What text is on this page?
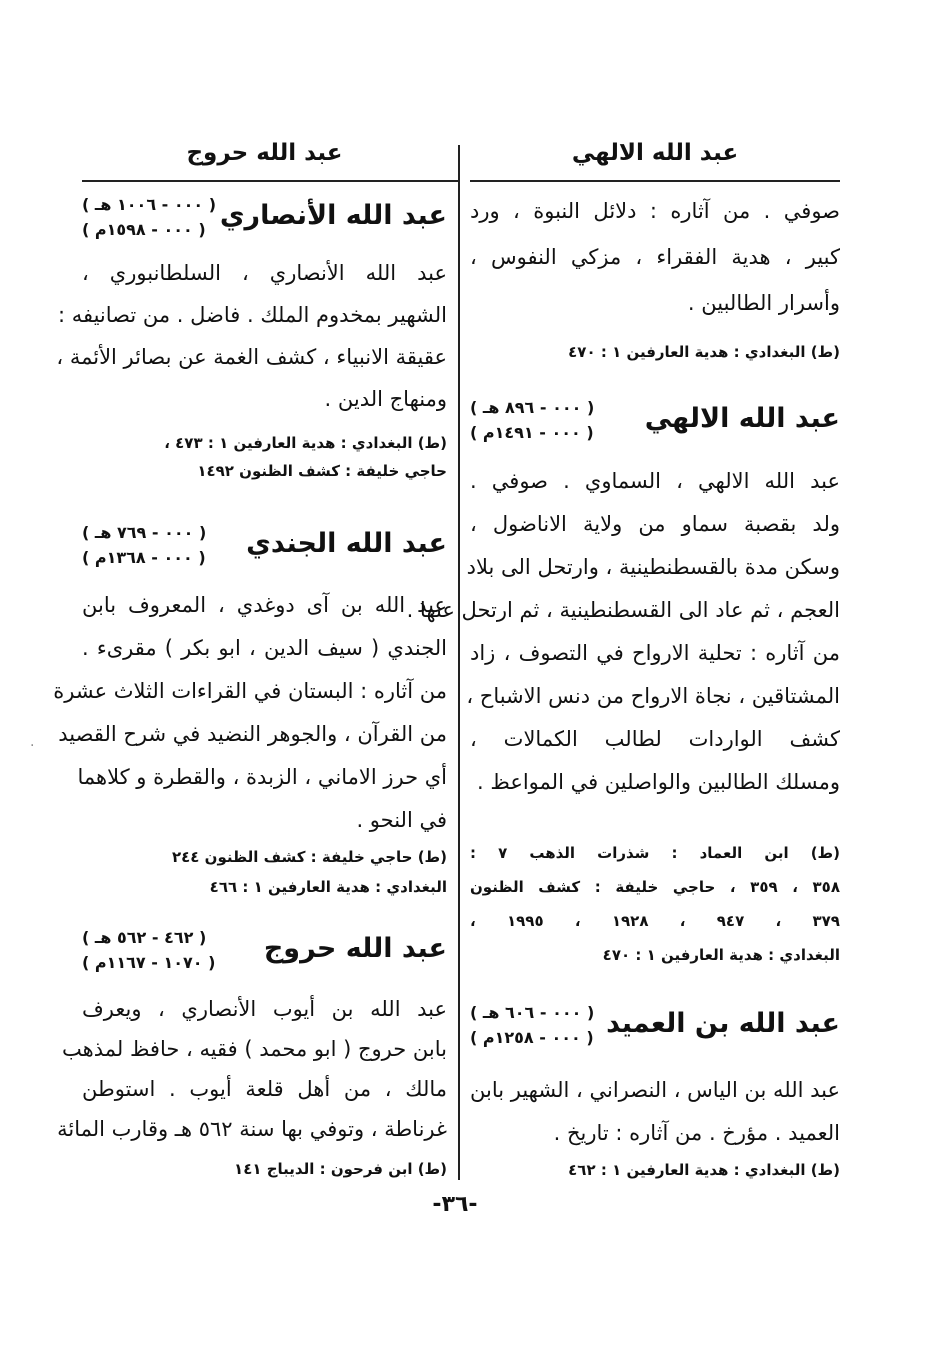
عبد الله الالهي
صوفي . من آثاره : دلائل النبوة ، ورد
كبير ، هدية الفقراء ، مزكي النفوس ،
وأسرار الطالبين .
(ط) البغدادي : هدية العارفين ١ : ٤٧٠
عبد الله الالهي
( ٠٠٠ - ٨٩٦ هـ )
( ٠٠٠ - ١٤٩١م )
عبد الله الالهي ، السماوي . صوفي .
ولد بقصبة سماو من ولاية الاناضول ،
وسكن مدة بالقسطنطينية ، وارتحل الى بلاد
العجم ، ثم عاد الى القسطنطينية ، ثم ارتحل عنها .
من آثاره : تحلية الارواح في التصوف ، زاد
المشتاقين ، نجاة الارواح من دنس الاشباح ،
كشف الواردات لطالب الكمالات ،
ومسلك الطالبين والواصلين في المواعظ .
(ط) ابن العماد : شذرات الذهب ٧ :
٣٥٨ ، ٣٥٩ ، حاجي خليفة : كشف الظنون
٣٧٩ ، ٩٤٧ ، ١٩٢٨ ، ١٩٩٥ ،
البغدادي : هدية العارفين ١ : ٤٧٠
عبد الله بن العميد
( ٠٠٠ - ٦٠٦ هـ )
( ٠٠٠ - ١٢٥٨م )
عبد الله بن الياس ، النصراني ، الشهير بابن
العميد . مؤرخ . من آثاره : تاريخ .
(ط) البغدادي : هدية العارفين ١ : ٤٦٢
عبد الله حروج
عبد الله الأنصاري
( ٠٠٠ - ١٠٠٦ هـ )
( ٠٠٠ - ١٥٩٨م )
عبد الله الأنصاري ، السلطانبوري ،
الشهير بمخدوم الملك . فاضل . من تصانيفه :
عقيقة الانبياء ، كشف الغمة عن بصائر الأئمة ،
ومنهاج الدين .
(ط) البغدادي : هدية العارفين ١ : ٤٧٣ ،
حاجي خليفة : كشف الظنون ١٤٩٢
عبد الله الجندي
( ٠٠٠ - ٧٦٩ هـ )
( ٠٠٠ - ١٣٦٨م )
عبد الله بن آى دوغدي ، المعروف بابن
الجندي ( سيف الدين ، ابو بكر ) مقرىء .
من آثاره : البستان في القراءات الثلاث عشرة
من القرآن ، والجوهر النضيد في شرح القصيد
أي حرز الاماني ، الزبدة ، والقطرة و كلاهما
في النحو .
(ط) حاجي خليفة : كشف الظنون ٢٤٤
البغدادي : هدية العارفين ١ : ٤٦٦
عبد الله حروج
( ٤٦٢ - ٥٦٢ هـ )
( ١٠٧٠ - ١١٦٧م )
عبد الله بن أيوب الأنصاري ، ويعرف
بابن حروج ( ابو محمد ) فقيه ، حافظ لمذهب
مالك ، من أهل قلعة أيوب . استوطن
غرناطة ، وتوفي بها سنة ٥٦٢ هـ وقارب المائة
(ط) ابن فرحون : الديباج ١٤١
-٣٦-
·
